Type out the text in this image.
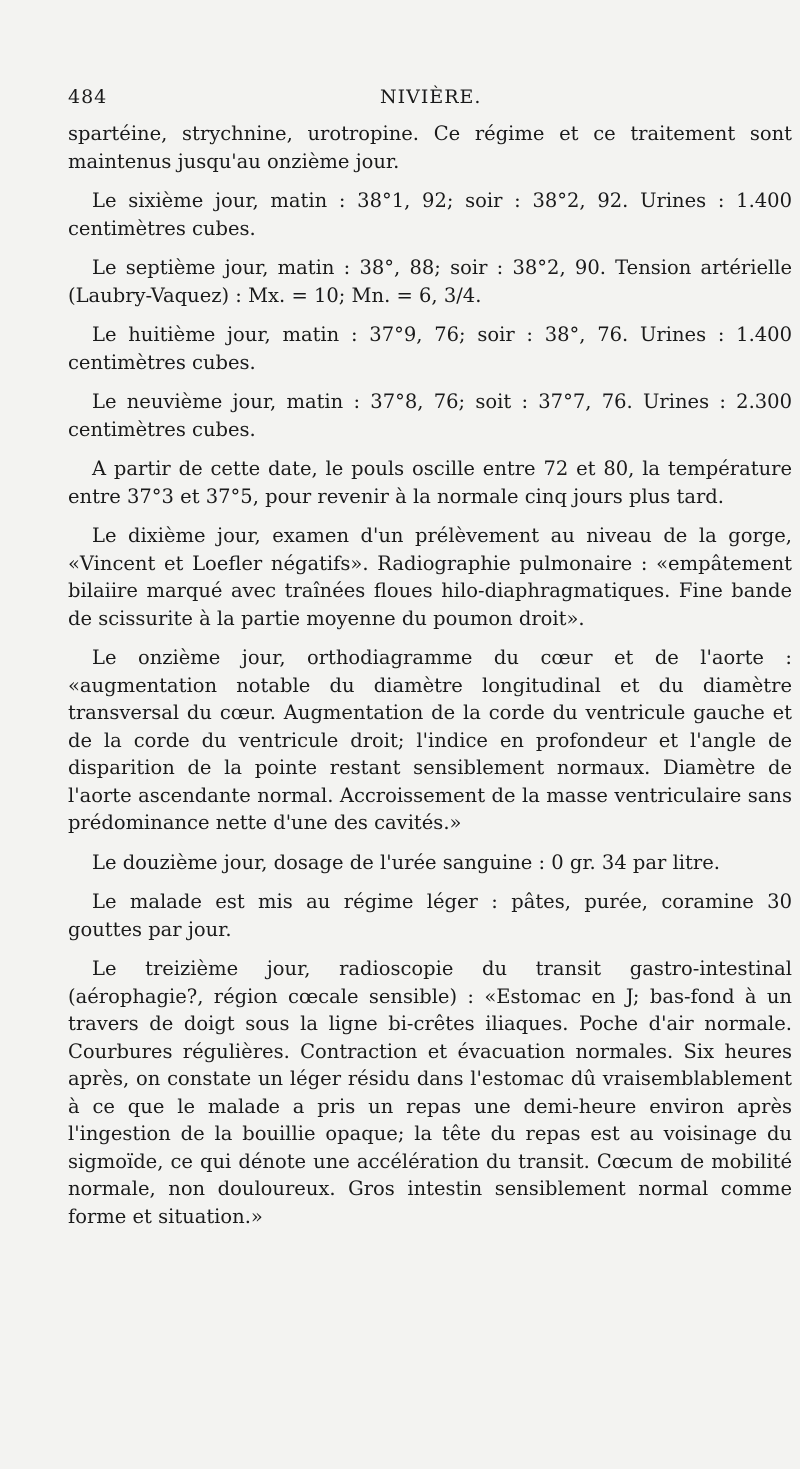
484	NIVIÈRE.

spartéine, strychnine, urotropine. Ce régime et ce traitement sont maintenus jusqu'au onzième jour.

Le sixième jour, matin : 38°1, 92; soir : 38°2, 92. Urines : 1.400 centimètres cubes.

Le septième jour, matin : 38°, 88; soir : 38°2, 90. Tension artérielle (Laubry-Vaquez) : Mx. = 10; Mn. = 6, 3/4.

Le huitième jour, matin : 37°9, 76; soir : 38°, 76. Urines : 1.400 centimètres cubes.

Le neuvième jour, matin : 37°8, 76; soit : 37°7, 76. Urines : 2.300 centimètres cubes.

A partir de cette date, le pouls oscille entre 72 et 80, la température entre 37°3 et 37°5, pour revenir à la normale cinq jours plus tard.

Le dixième jour, examen d'un prélèvement au niveau de la gorge, «Vincent et Loefler négatifs». Radiographie pulmonaire : «empâtement bilaiire marqué avec traînées floues hilo-diaphragmatiques. Fine bande de scissurite à la partie moyenne du poumon droit».

Le onzième jour, orthodiagramme du cœur et de l'aorte : «augmentation notable du diamètre longitudinal et du diamètre transversal du cœur. Augmentation de la corde du ventricule gauche et de la corde du ventricule droit; l'indice en profondeur et l'angle de disparition de la pointe restant sensiblement normaux. Diamètre de l'aorte ascendante normal. Accroissement de la masse ventriculaire sans prédominance nette d'une des cavités.»

Le douzième jour, dosage de l'urée sanguine : 0 gr. 34 par litre.

Le malade est mis au régime léger : pâtes, purée, coramine 30 gouttes par jour.

Le treizième jour, radioscopie du transit gastro-intestinal (aérophagie?, région cœcale sensible) : «Estomac en J; bas-fond à un travers de doigt sous la ligne bi-crêtes iliaques. Poche d'air normale. Courbures régulières. Contraction et évacuation normales. Six heures après, on constate un léger résidu dans l'estomac dû vraisemblablement à ce que le malade a pris un repas une demi-heure environ après l'ingestion de la bouillie opaque; la tête du repas est au voisinage du sigmoïde, ce qui dénote une accélération du transit. Cœcum de mobilité normale, non douloureux. Gros intestin sensiblement normal comme forme et situation.»
